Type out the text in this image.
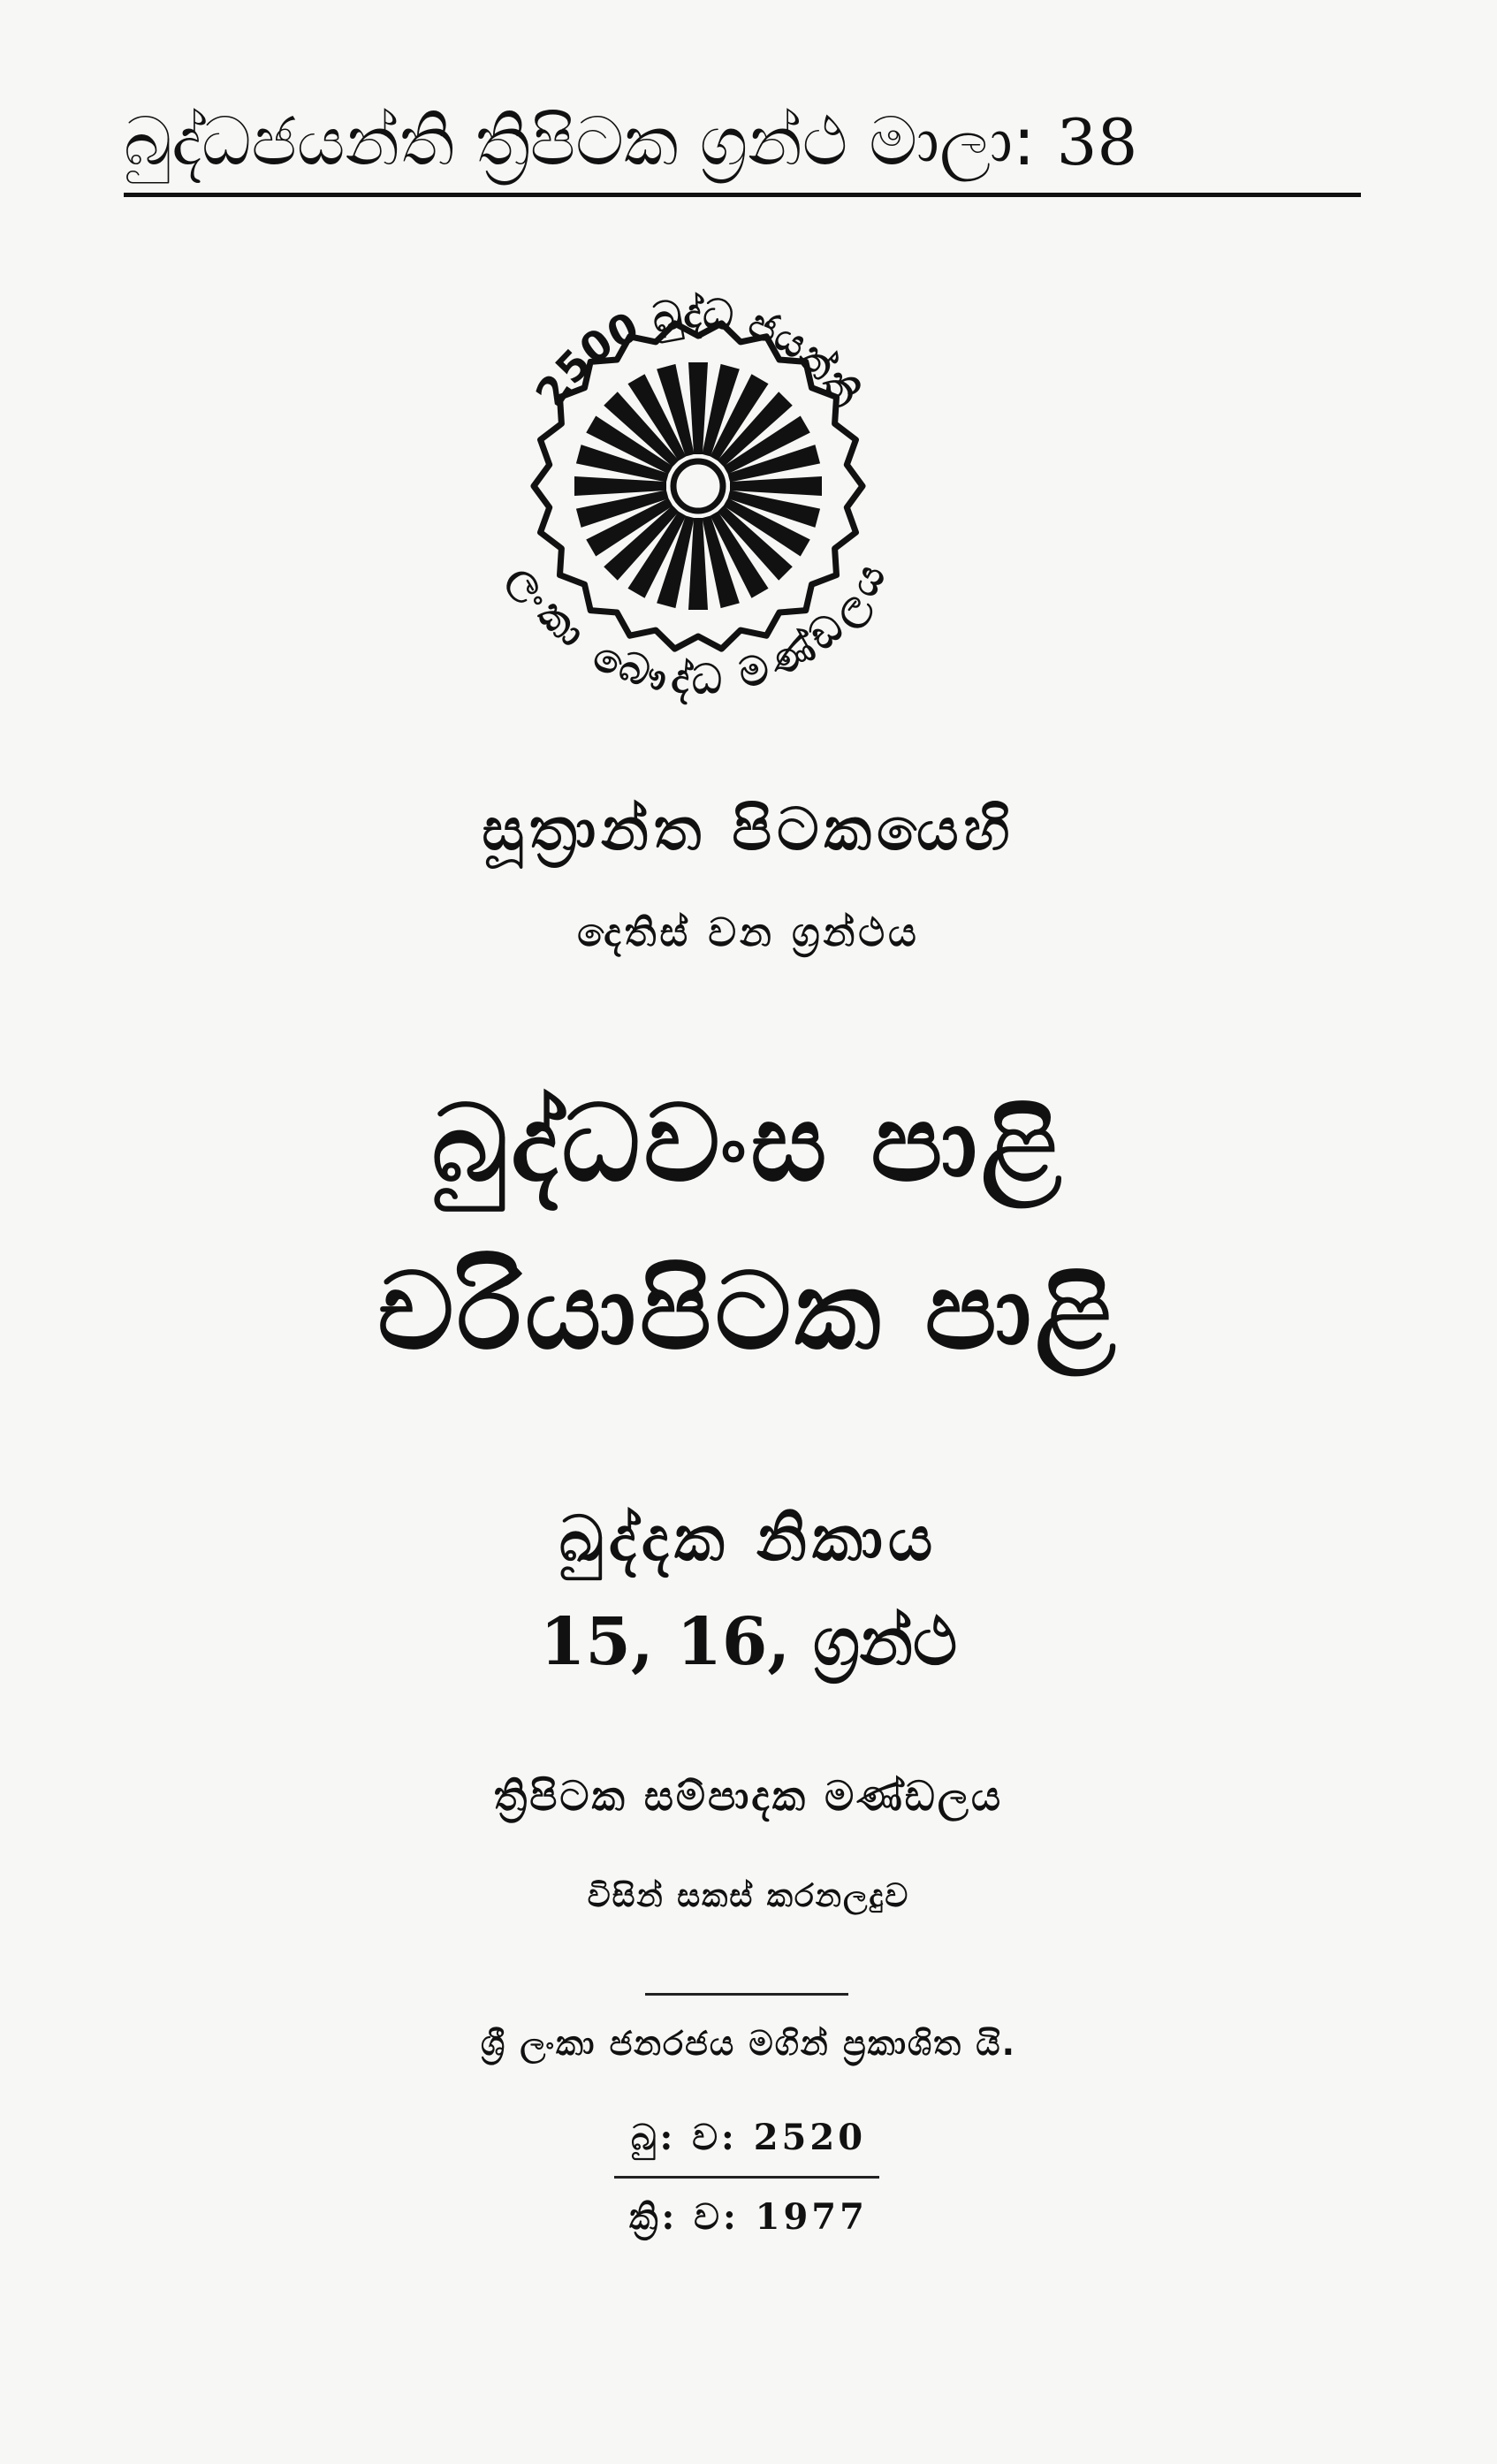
බුද්ධජයන්ති ත්‍රිපිටක ග්‍රන්ථ මාලා: 38
2500 බුද්ධ ජයන්ති
ලංකා බෞද්ධ මණ්ඩලය
සූත්‍රාන්ත පිටකයෙහි
දෙතිස් වන ග්‍රන්ථය
බුද්ධවංස පාළි
චරියාපිටක පාළි
ඛුද්දක නිකාය
15, 16, ග්‍රන්ථ
ත්‍රිපිටක සම්පාදක මණ්ඩලය
විසින් සකස් කරනලදුව
ශ්‍රී ලංකා ජනරජය මගින් ප්‍රකාශිත යි.
බු: ව: 2520
ක්‍රි: ව: 1977
